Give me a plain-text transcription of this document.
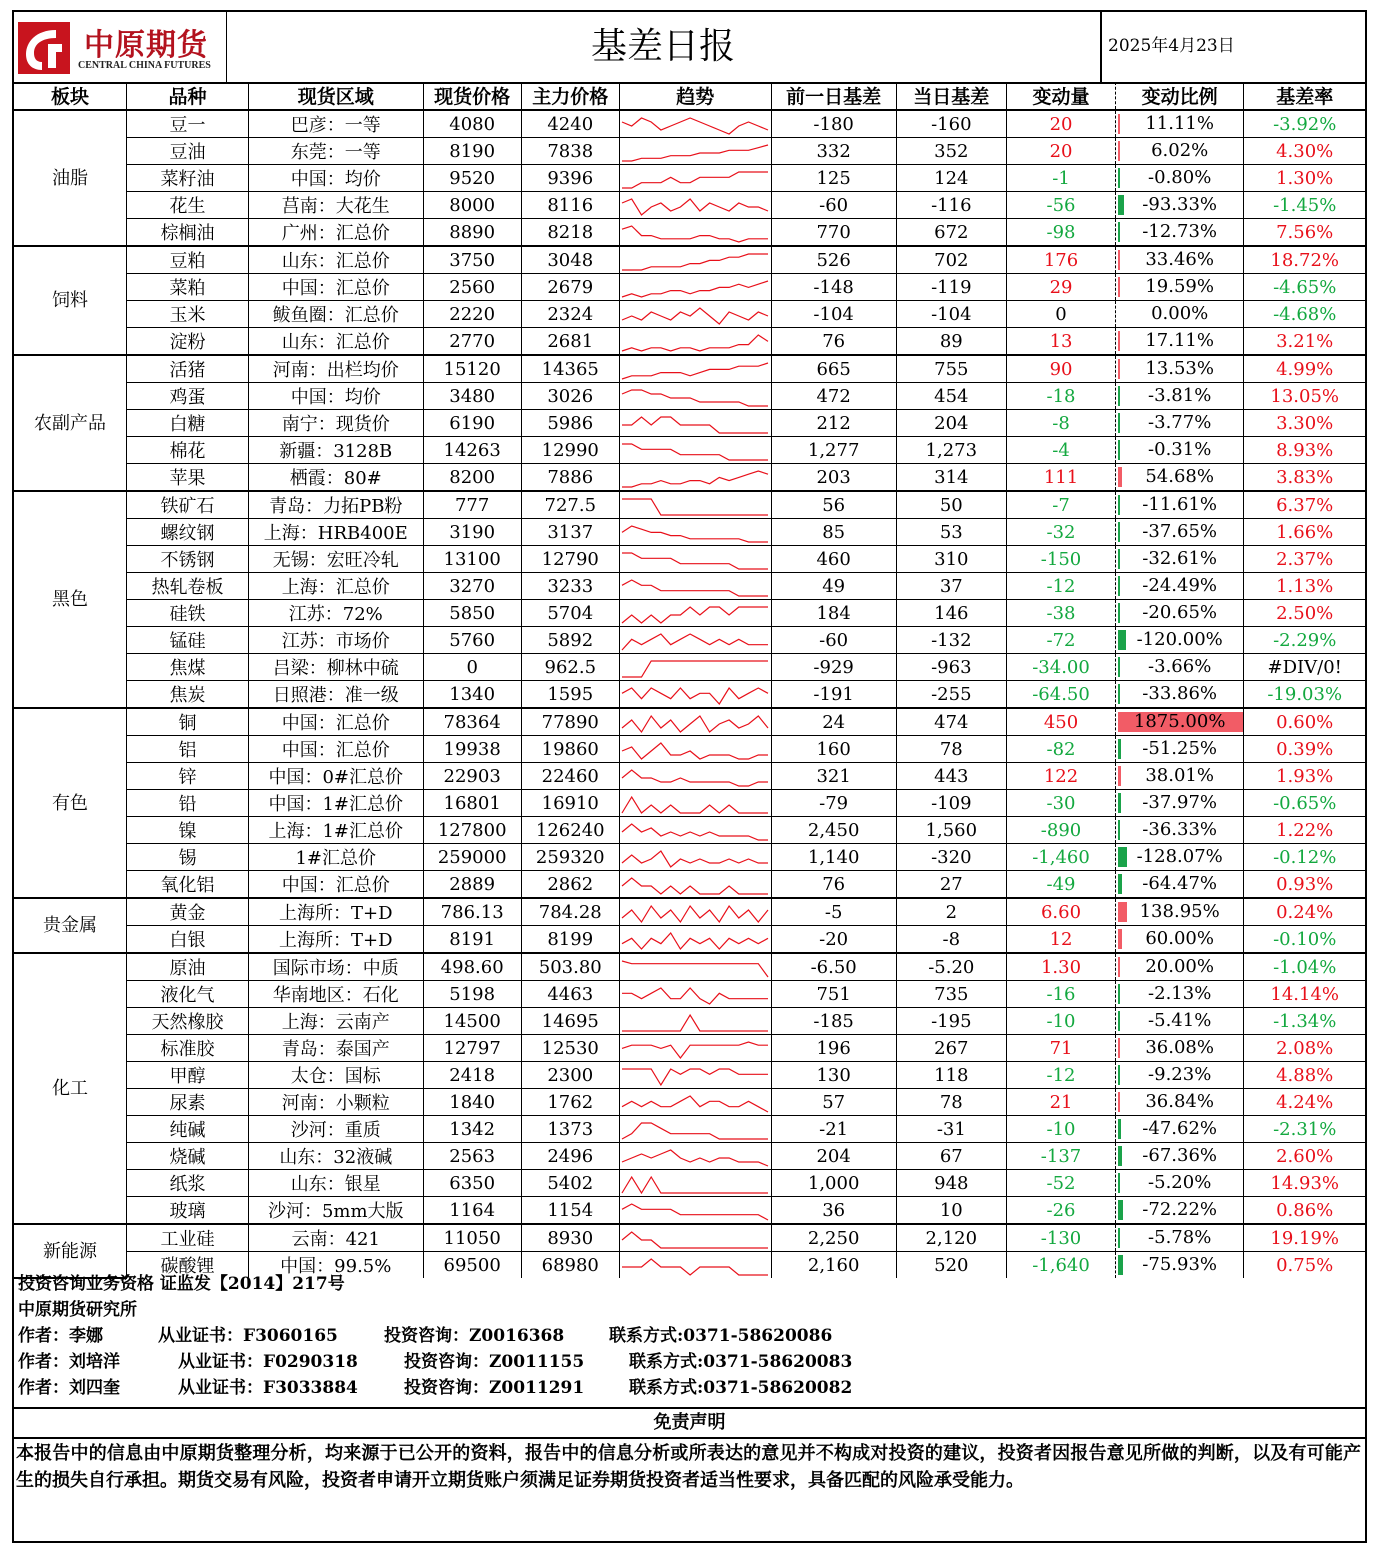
中原期货
CENTRAL CHINA FUTURES	基差日报	2025年4月23日
板块	品种	现货区域	现货价格	主力价格	趋势	前一日基差	当日基差	变动量	变动比例	基差率
油脂	豆一	巴彦：一等	4080	4240		-180	-160	20	11.11%	-3.92%
	豆油	东莞：一等	8190	7838		332	352	20	6.02%	4.30%
	菜籽油	中国：均价	9520	9396		125	124	-1	-0.80%	1.30%
	花生	莒南：大花生	8000	8116		-60	-116	-56	-93.33%	-1.45%
	棕榈油	广州：汇总价	8890	8218		770	672	-98	-12.73%	7.56%
饲料	豆粕	山东：汇总价	3750	3048		526	702	176	33.46%	18.72%
	菜粕	中国：汇总价	2560	2679		-148	-119	29	19.59%	-4.65%
	玉米	鲅鱼圈：汇总价	2220	2324		-104	-104	0	0.00%	-4.68%
	淀粉	山东：汇总价	2770	2681		76	89	13	17.11%	3.21%
农副产品	活猪	河南：出栏均价	15120	14365		665	755	90	13.53%	4.99%
	鸡蛋	中国：均价	3480	3026		472	454	-18	-3.81%	13.05%
	白糖	南宁：现货价	6190	5986		212	204	-8	-3.77%	3.30%
	棉花	新疆：3128B	14263	12990		1,277	1,273	-4	-0.31%	8.93%
	苹果	栖霞：80#	8200	7886		203	314	111	54.68%	3.83%
黑色	铁矿石	青岛：力拓PB粉	777	727.5		56	50	-7	-11.61%	6.37%
	螺纹钢	上海：HRB400E	3190	3137		85	53	-32	-37.65%	1.66%
	不锈钢	无锡：宏旺冷轧	13100	12790		460	310	-150	-32.61%	2.37%
	热轧卷板	上海：汇总价	3270	3233		49	37	-12	-24.49%	1.13%
	硅铁	江苏：72%	5850	5704		184	146	-38	-20.65%	2.50%
	锰硅	江苏：市场价	5760	5892		-60	-132	-72	-120.00%	-2.29%
	焦煤	吕梁：柳林中硫	0	962.5		-929	-963	-34.00	-3.66%	#DIV/0!
	焦炭	日照港：准一级	1340	1595		-191	-255	-64.50	-33.86%	-19.03%
有色	铜	中国：汇总价	78364	77890		24	474	450	1875.00%	0.60%
	铝	中国：汇总价	19938	19860		160	78	-82	-51.25%	0.39%
	锌	中国：0#汇总价	22903	22460		321	443	122	38.01%	1.93%
	铅	中国：1#汇总价	16801	16910		-79	-109	-30	-37.97%	-0.65%
	镍	上海：1#汇总价	127800	126240		2,450	1,560	-890	-36.33%	1.22%
	锡	1#汇总价	259000	259320		1,140	-320	-1,460	-128.07%	-0.12%
	氧化铝	中国：汇总价	2889	2862		76	27	-49	-64.47%	0.93%
贵金属	黄金	上海所：T+D	786.13	784.28		-5	2	6.60	138.95%	0.24%
	白银	上海所：T+D	8191	8199		-20	-8	12	60.00%	-0.10%
化工	原油	国际市场：中质	498.60	503.80		-6.50	-5.20	1.30	20.00%	-1.04%
	液化气	华南地区：石化	5198	4463		751	735	-16	-2.13%	14.14%
	天然橡胶	上海：云南产	14500	14695		-185	-195	-10	-5.41%	-1.34%
	标准胶	青岛：泰国产	12797	12530		196	267	71	36.08%	2.08%
	甲醇	太仓：国标	2418	2300		130	118	-12	-9.23%	4.88%
	尿素	河南：小颗粒	1840	1762		57	78	21	36.84%	4.24%
	纯碱	沙河：重质	1342	1373		-21	-31	-10	-47.62%	-2.31%
	烧碱	山东：32液碱	2563	2496		204	67	-137	-67.36%	2.60%
	纸浆	山东：银星	6350	5402		1,000	948	-52	-5.20%	14.93%
	玻璃	沙河：5mm大版	1164	1154		36	10	-26	-72.22%	0.86%
新能源	工业硅	云南：421	11050	8930		2,250	2,120	-130	-5.78%	19.19%
	碳酸锂	中国：99.5%	69500	68980		2,160	520	-1,640	-75.93%	0.75%
投资咨询业务资格 证监发【2014】217号
中原期货研究所
作者：李娜	从业证书：F3060165	投资咨询：Z0016368	联系方式:0371-58620086
作者：刘培洋	从业证书：F0290318	投资咨询：Z0011155	联系方式:0371-58620083
作者：刘四奎	从业证书：F3033884	投资咨询：Z0011291	联系方式:0371-58620082
免责声明
本报告中的信息由中原期货整理分析，均来源于已公开的资料，报告中的信息分析或所表达的意见并不构成对投资的建议，投资者因报告意见所做的判断，以及有可能产生的损失自行承担。期货交易有风险，投资者申请开立期货账户须满足证券期货投资者适当性要求，具备匹配的风险承受能力。
